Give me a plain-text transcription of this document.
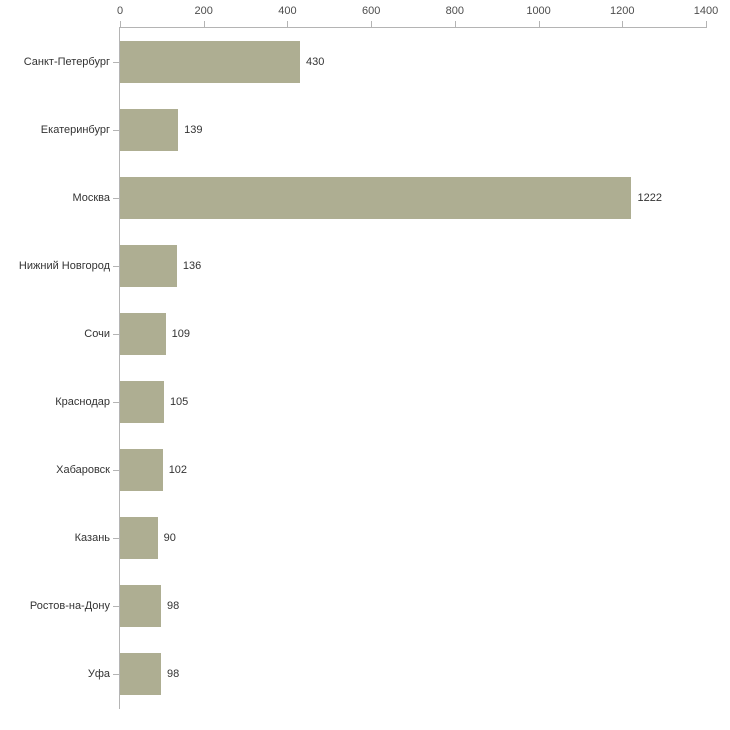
0	200	400	600	800	1000	1200	1400
Санкт-Петербург
Екатеринбург
Москва
Нижний Новгород
Сочи
Краснодар
Хабаровск
Казань
Ростов-на-Дону
Уфа
430
139
1222
136
109
105
102
90
98
98
